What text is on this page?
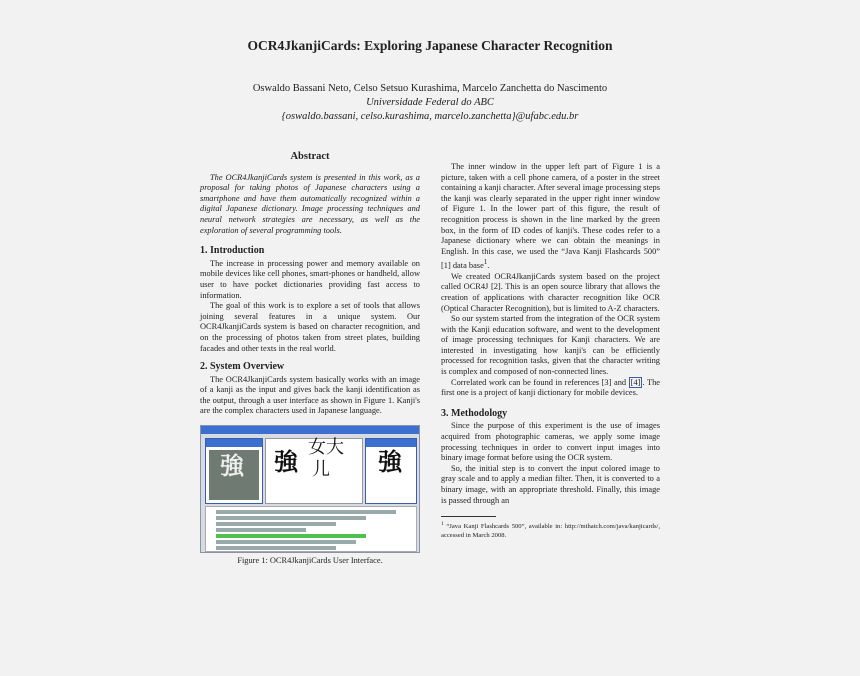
OCR4JkanjiCards: Exploring Japanese Character Recognition
Oswaldo Bassani Neto, Celso Setsuo Kurashima, Marcelo Zanchetta do Nascimento
Universidade Federal do ABC
{oswaldo.bassani, celso.kurashima, marcelo.zanchetta}@ufabc.edu.br
Abstract

The OCR4JkanjiCards system is presented in this work, as a proposal for taking photos of Japanese characters using a smartphone and have them automatically recognized within a digital Japanese dictionary. Image processing techniques and neural network strategies are necessary, as well as the exploration of several programming tools.

1. Introduction

The increase in processing power and memory available on mobile devices like cell phones, smart-phones or handheld, allow user to have pocket dictionaries providing fast access to information.

The goal of this work is to explore a set of tools that allows joining several features in a unique system. Our OCR4JkanjiCards system is based on character recognition, and on the processing of photos taken from street plates, building facades and other texts in the real world.

2. System Overview

The OCR4JkanjiCards system basically works with an image of a kanji as the input and gives back the kanji identification as the output, through a user interface as shown in Figure 1. Kanji's are the complex characters used in Japanese language.

強 強
女大
儿 強
Figure 1: OCR4JkanjiCards User Interface.

The inner window in the upper left part of Figure 1 is a picture, taken with a cell phone camera, of a poster in the street containing a kanji character. After several image processing steps the kanji was clearly separated in the upper right inner window of Figure 1. In the lower part of this figure, the result of recognition process is shown in the line marked by the green box, in the form of ID codes of kanji's. These codes refer to a Japanese dictionary where we can obtain the meanings in English. In this case, we used the “Java Kanji Flashcards 500” [1] data base$^1$.

We created OCR4JkanjiCards system based on the project called OCR4J [2]. This is an open source library that allows the creation of applications with character recognition like OCR (Optical Character Recognition), but is limited to A-Z characters.

So our system started from the integration of the OCR system with the Kanji education software, and went to the development of image processing techniques for Kanji characters. We are interested in investigating how kanji's can be efficiently processed for recognition tasks, given that the character writing is complex and composed of non-connected lines.

Correlated work can be found in references [3] and [4] . The first one is a project of kanji dictionary for mobile devices.

3. Methodology

Since the purpose of this experiment is the use of images acquired from photographic cameras, we apply some image processing techniques in order to convert input images into binary image format before using the OCR system.

So, the initial step is to convert the input colored image to gray scale and to apply a median filter. Then, it is converted to a binary image, with an appropriate threshold. Finally, this image is passed through an

$^1$ “Java Kanji Flashcards 500”, available in: http://mthatch.com/java/kanjicards/, accessed in March 2008.
